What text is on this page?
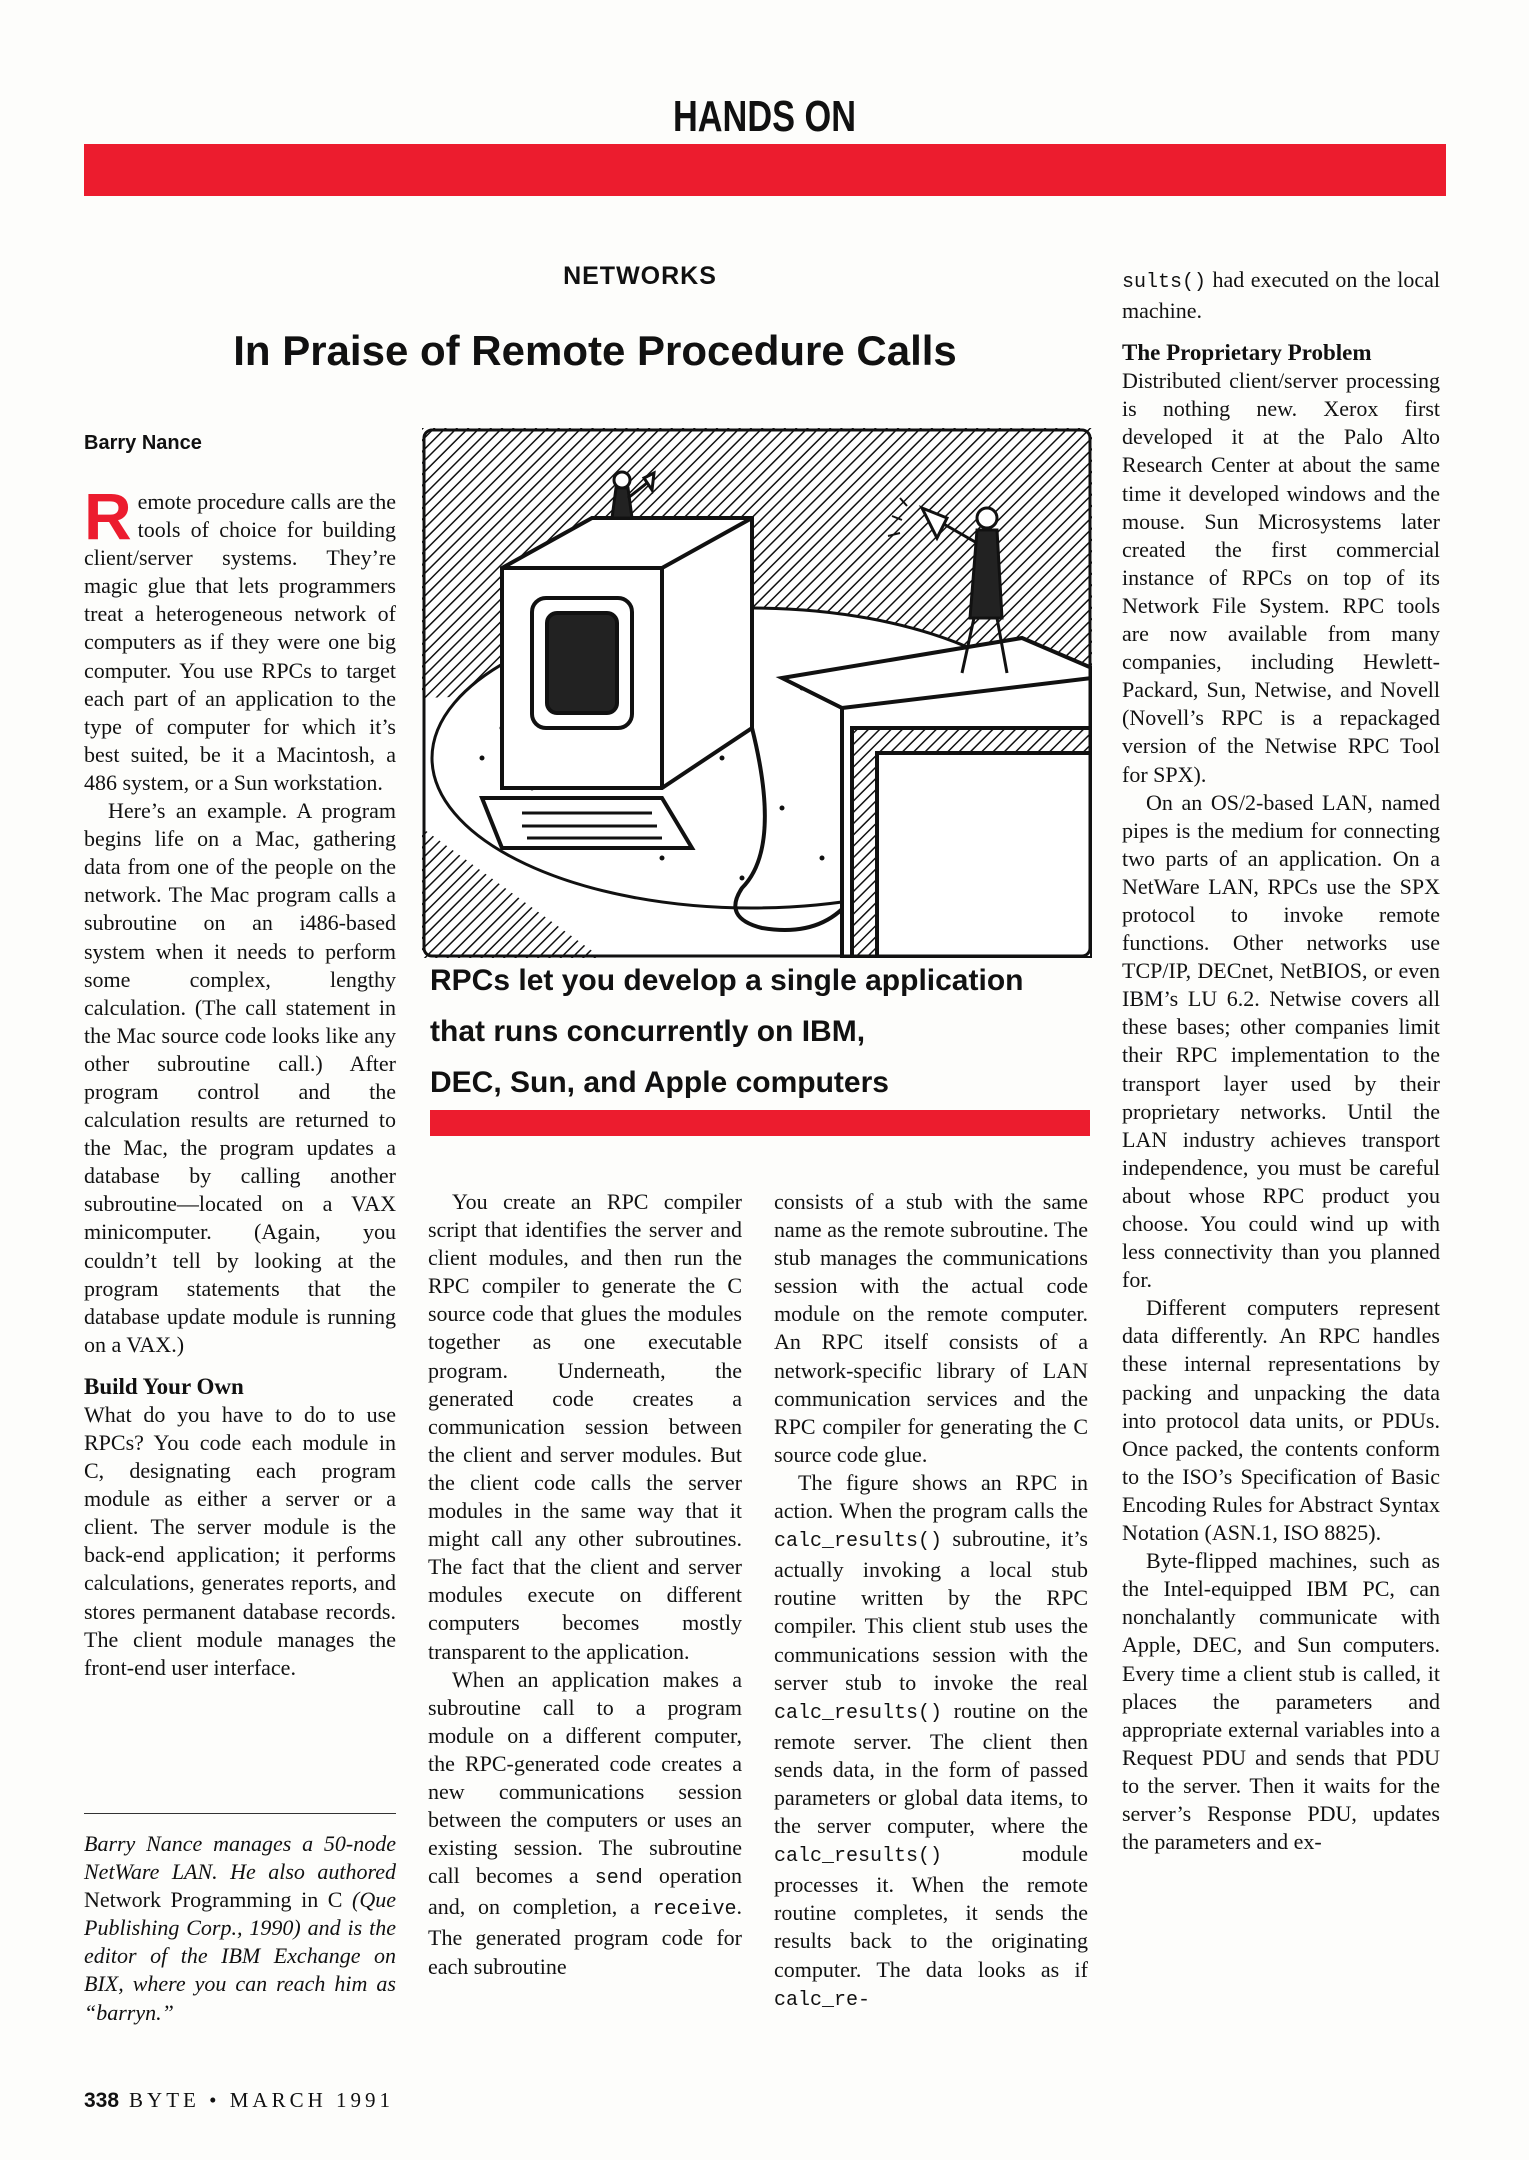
HANDS ON
NETWORKS
In Praise of Remote Procedure Calls
Barry Nance

Remote procedure calls are the tools of choice for building client/server systems. They’re magic glue that lets programmers treat a heterogeneous network of computers as if they were one big computer. You use RPCs to target each part of an application to the type of computer for which it’s best suited, be it a Macintosh, a 486 system, or a Sun workstation.

Here’s an example. A program begins life on a Mac, gathering data from one of the people on the network. The Mac program calls a subroutine on an i486-based system when it needs to perform some complex, lengthy calculation. (The call statement in the Mac source code looks like any other subroutine call.) After program control and the calculation results are returned to the Mac, the program updates a database by calling another subroutine—located on a VAX minicomputer. (Again, you couldn’t tell by looking at the program statements that the database update module is running on a VAX.)

Build Your Own

What do you have to do to use RPCs? You code each module in C, designating each program module as either a server or a client. The server module is the back-end application; it performs calculations, generates reports, and stores permanent database records. The client module manages the front-end user interface.

Barry Nance manages a 50-node NetWare LAN. He also authored Network Programming in C (Que Publishing Corp., 1990) and is the editor of the IBM Exchange on BIX, where you can reach him as “barryn.”
RPCs let you develop a single application
that runs concurrently on IBM,
DEC, Sun, and Apple computers

You create an RPC compiler script that identifies the server and client modules, and then run the RPC compiler to generate the C source code that glues the modules together as one executable program. Underneath, the generated code creates a communication session between the client and server modules. But the client code calls the server modules in the same way that it might call any other subroutines. The fact that the client and server modules execute on different computers becomes mostly transparent to the application.

When an application makes a subroutine call to a program module on a different computer, the RPC-generated code creates a new communications session between the computers or uses an existing session. The subroutine call becomes a send operation and, on completion, a receive. The generated program code for each subroutine

consists of a stub with the same name as the remote subroutine. The stub manages the communications session with the actual code module on the remote computer. An RPC itself consists of a network-specific library of LAN communication services and the RPC compiler for generating the C source code glue.

The figure shows an RPC in action. When the program calls the calc_results() subroutine, it’s actually invoking a local stub routine written by the RPC compiler. This client stub uses the communications session with the server stub to invoke the real calc_results() routine on the remote server. The client then sends data, in the form of passed parameters or global data items, to the server computer, where the calc_results() module processes it. When the remote routine completes, it sends the results back to the originating computer. The data looks as if calc_re-

sults() had executed on the local machine.

The Proprietary Problem

Distributed client/server processing is nothing new. Xerox first developed it at the Palo Alto Research Center at about the same time it developed windows and the mouse. Sun Microsystems later created the first commercial instance of RPCs on top of its Network File System. RPC tools are now available from many companies, including Hewlett-Packard, Sun, Netwise, and Novell (Novell’s RPC is a repackaged version of the Netwise RPC Tool for SPX).

On an OS/2-based LAN, named pipes is the medium for connecting two parts of an application. On a NetWare LAN, RPCs use the SPX protocol to invoke remote functions. Other networks use TCP/IP, DECnet, NetBIOS, or even IBM’s LU 6.2. Netwise covers all these bases; other companies limit their RPC implementation to the transport layer used by their proprietary networks. Until the LAN industry achieves transport independence, you must be careful about whose RPC product you choose. You could wind up with less connectivity than you planned for.

Different computers represent data differently. An RPC handles these internal representations by packing and unpacking the data into protocol data units, or PDUs. Once packed, the contents conform to the ISO’s Specification of Basic Encoding Rules for Abstract Syntax Notation (ASN.1, ISO 8825).

Byte-flipped machines, such as the Intel-equipped IBM PC, can nonchalantly communicate with Apple, DEC, and Sun computers. Every time a client stub is called, it places the parameters and appropriate external variables into a Request PDU and sends that PDU to the server. Then it waits for the server’s Response PDU, updates the parameters and ex-

338 BYTE • MARCH 1991
